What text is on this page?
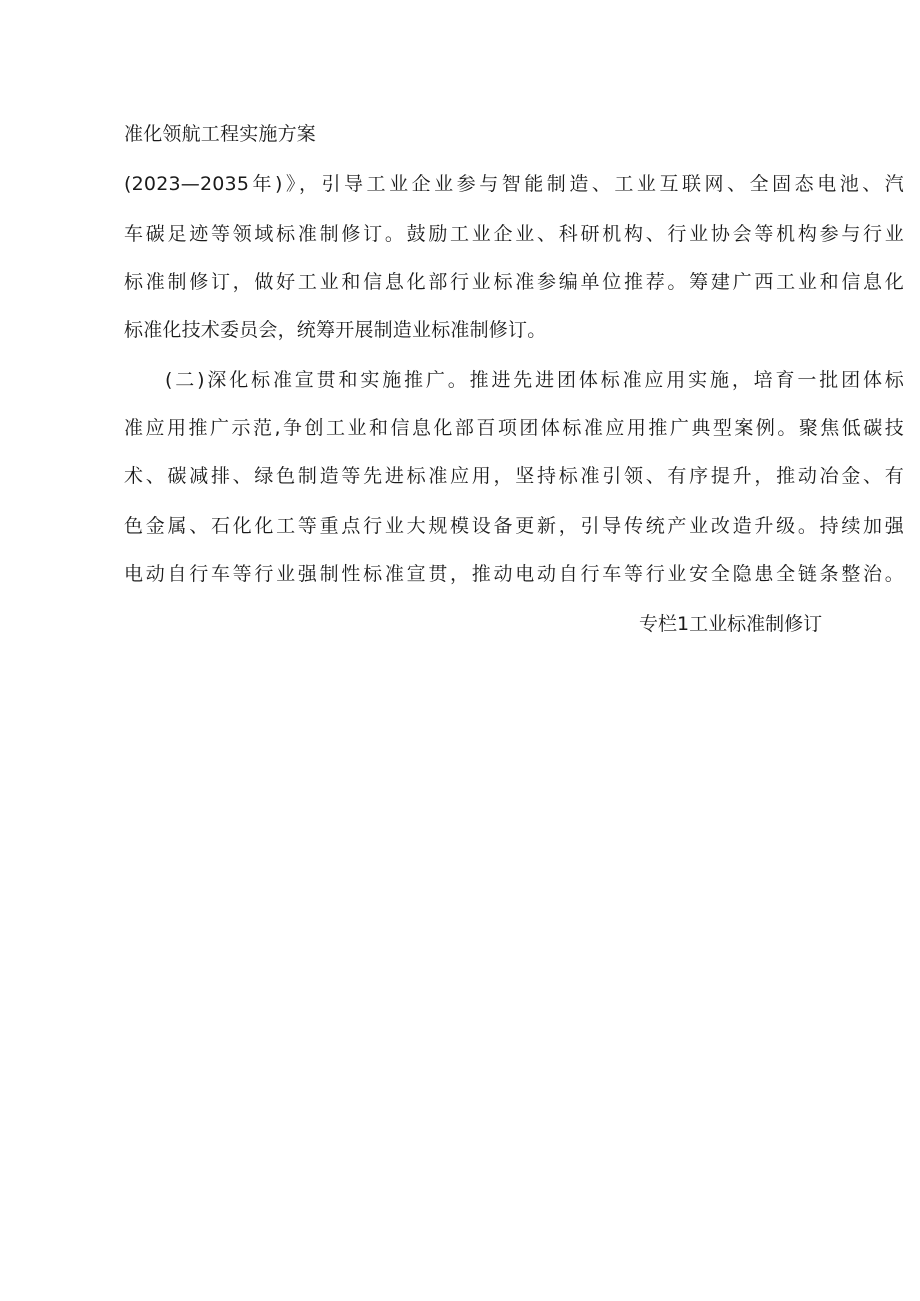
准化领航工程实施方案
(2023—2035年)》，引导工业企业参与智能制造、工业互联网、全固态电池、汽
车碳足迹等领域标准制修订。鼓励工业企业、科研机构、行业协会等机构参与行业
标准制修订，做好工业和信息化部行业标准参编单位推荐。筹建广西工业和信息化
标准化技术委员会，统筹开展制造业标准制修订。
(二)深化标准宣贯和实施推广。推进先进团体标准应用实施，培育一批团体标
准应用推广示范,争创工业和信息化部百项团体标准应用推广典型案例。聚焦低碳技
术、碳减排、绿色制造等先进标准应用，坚持标准引领、有序提升，推动冶金、有
色金属、石化化工等重点行业大规模设备更新，引导传统产业改造升级。持续加强
电动自行车等行业强制性标准宣贯，推动电动自行车等行业安全隐患全链条整治。
专栏1工业标准制修订
